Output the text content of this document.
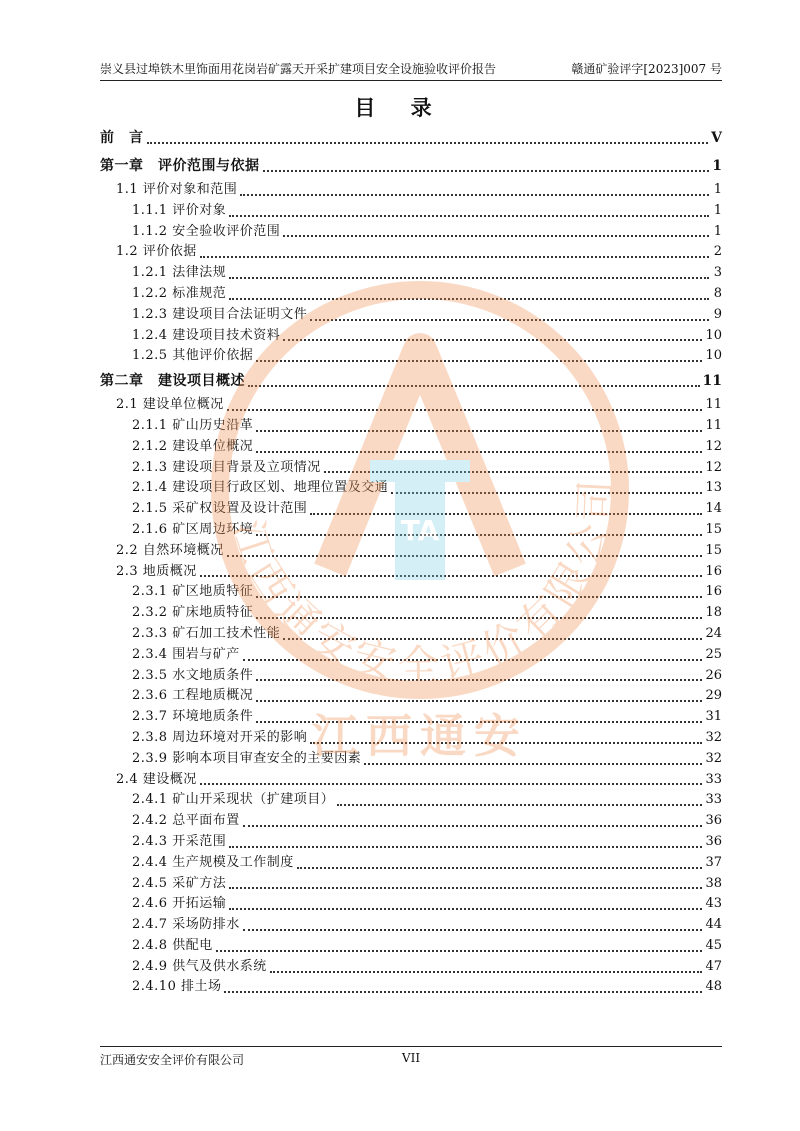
崇义县过埠铁木里饰面用花岗岩矿露天开采扩建项目安全设施验收评价报告	赣通矿验评字[2023]007 号
目 录
前　言	V
第一章　评价范围与依据	1
1.1 评价对象和范围	1
1.1.1 评价对象	1
1.1.2 安全验收评价范围	1
1.2 评价依据	2
1.2.1 法律法规	3
1.2.2 标准规范	8
1.2.3 建设项目合法证明文件	9
1.2.4 建设项目技术资料	10
1.2.5 其他评价依据	10
第二章　建设项目概述	11
2.1 建设单位概况	11
2.1.1 矿山历史沿革	11
2.1.2 建设单位概况	12
2.1.3 建设项目背景及立项情况	12
2.1.4 建设项目行政区划、地理位置及交通	13
2.1.5 采矿权设置及设计范围	14
2.1.6 矿区周边环境	15
2.2 自然环境概况	15
2.3 地质概况	16
2.3.1 矿区地质特征	16
2.3.2 矿床地质特征	18
2.3.3 矿石加工技术性能	24
2.3.4 围岩与矿产	25
2.3.5 水文地质条件	26
2.3.6 工程地质概况	29
2.3.7 环境地质条件	31
2.3.8 周边环境对开采的影响	32
2.3.9 影响本项目审查安全的主要因素	32
2.4 建设概况	33
2.4.1 矿山开采现状（扩建项目）	33
2.4.2 总平面布置	36
2.4.3 开采范围	36
2.4.4 生产规模及工作制度	37
2.4.5 采矿方法	38
2.4.6 开拓运输	43
2.4.7 采场防排水	44
2.4.8 供配电	45
2.4.9 供气及供水系统	47
2.4.10 排土场	48
江西通安安全评价有限公司	VII
江西通安安全评价有限公司
江西通安
TA
